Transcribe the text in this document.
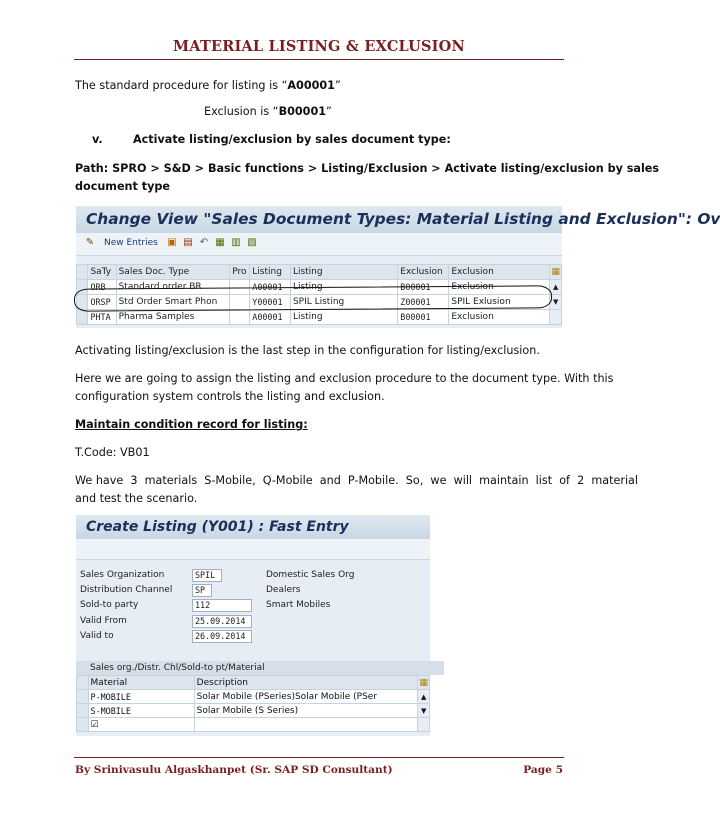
MATERIAL LISTING & EXCLUSION
The standard procedure for listing is “A00001”
Exclusion is “B00001”
v.	Activate listing/exclusion by sales document type:
Path: SPRO > S&D > Basic functions > Listing/Exclusion > Activate listing/exclusion by sales
document type
Change View "Sales Document Types: Material Listing and Exclusion": Ov
✎ New Entries ▣ ▤ ↶ ▦ ▥ ▧
	SaTy	Sales Doc. Type	Pro	Listing	Listing	Exclusion	Exclusion	▦
	ORB	Standard order BR		A00001	Listing	B00001	Exclusion	▲
	ORSP	Std Order Smart Phon		Y00001	SPIL Listing	Z00001	SPIL Exlusion	▼
	PHTA	Pharma Samples		A00001	Listing	B00001	Exclusion	
Activating listing/exclusion is the last step in the configuration for listing/exclusion.
Here we are going to assign the listing and exclusion procedure to the document type. With this
configuration system controls the listing and exclusion.
Maintain condition record for listing:
T.Code: VB01
We have  3  materials  S-Mobile,  Q-Mobile  and  P-Mobile.  So,  we  will  maintain  list  of  2  material
and test the scenario.
Create Listing (Y001) : Fast Entry
Sales Organization	SPIL	Domestic Sales Org
Distribution Channel	SP	Dealers
Sold-to party	112	Smart Mobiles
Valid From	25.09.2014
Valid to	26.09.2014
Sales org./Distr. Chl/Sold-to pt/Material
	Material	Description	▦
	P-MOBILE	Solar Mobile (PSeries)Solar Mobile (PSer	▲
	S-MOBILE	Solar Mobile (S Series)	▼
	☑		
By Srinivasulu Algaskhanpet (Sr. SAP SD Consultant)	Page 5
